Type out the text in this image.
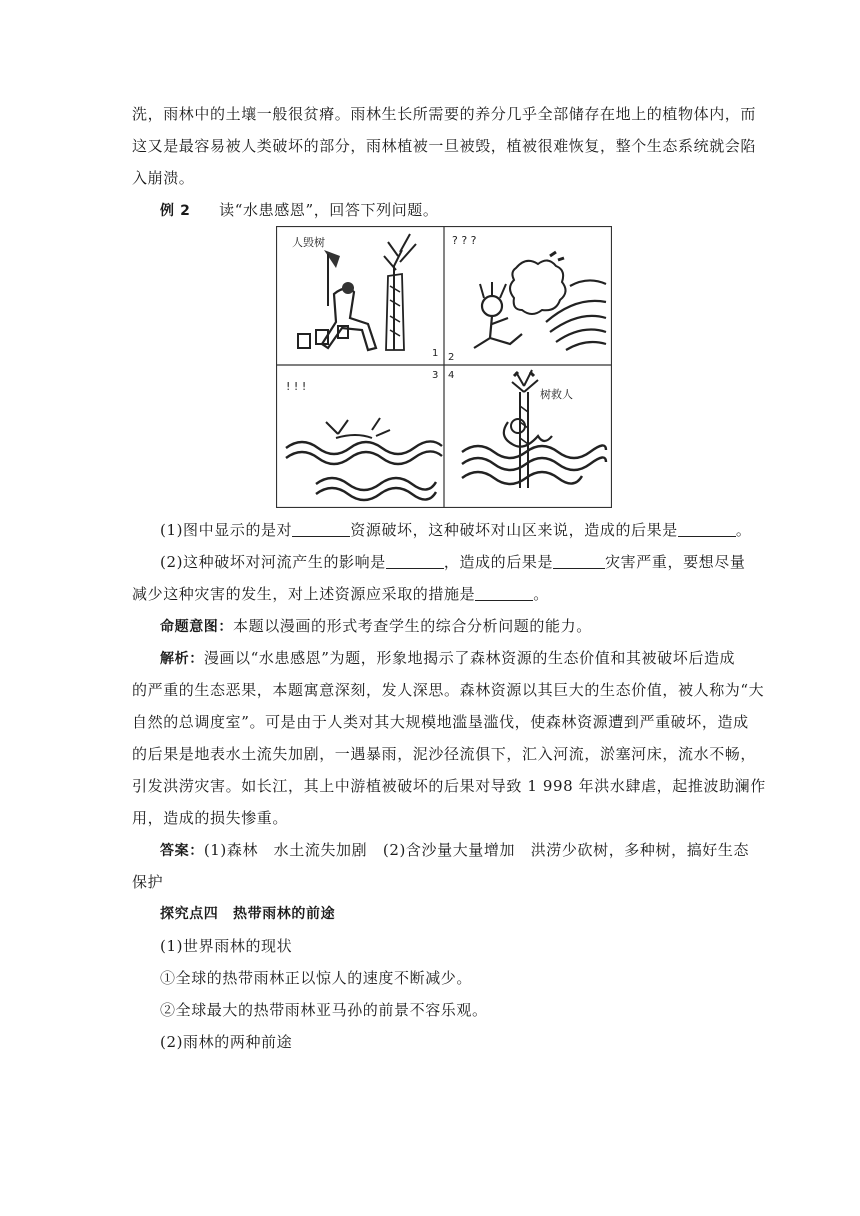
洗，雨林中的土壤一般很贫瘠。雨林生长所需要的养分几乎全部储存在地上的植物体内，而
这又是最容易被人类破坏的部分，雨林植被一旦被毁，植被很难恢复，整个生态系统就会陷
入崩溃。
例 2 读“水患感恩”，回答下列问题。
人毁树
1
? ? ?
2
! ! !
3 4
树救人
(1)图中显示的是对	资源破坏，这种破坏对山区来说，造成的后果是	。
(2)这种破坏对河流产生的影响是	，造成的后果是	灾害严重，要想尽量
减少这种灾害的发生，对上述资源应采取的措施是	。
命题意图：本题以漫画的形式考查学生的综合分析问题的能力。
解析：漫画以“水患感恩”为题，形象地揭示了森林资源的生态价值和其被破坏后造成
的严重的生态恶果，本题寓意深刻，发人深思。森林资源以其巨大的生态价值，被人称为“大
自然的总调度室”。可是由于人类对其大规模地滥垦滥伐，使森林资源遭到严重破坏，造成
的后果是地表水土流失加剧，一遇暴雨，泥沙径流俱下，汇入河流，淤塞河床，流水不畅，
引发洪涝灾害。如长江，其上中游植被破坏的后果对导致 1 998 年洪水肆虐，起推波助澜作
用，造成的损失惨重。
答案：(1)森林　水土流失加剧　(2)含沙量大量增加　洪涝少砍树，多种树，搞好生态
保护
探究点四　热带雨林的前途
(1)世界雨林的现状
①全球的热带雨林正以惊人的速度不断减少。
②全球最大的热带雨林亚马孙的前景不容乐观。
(2)雨林的两种前途
